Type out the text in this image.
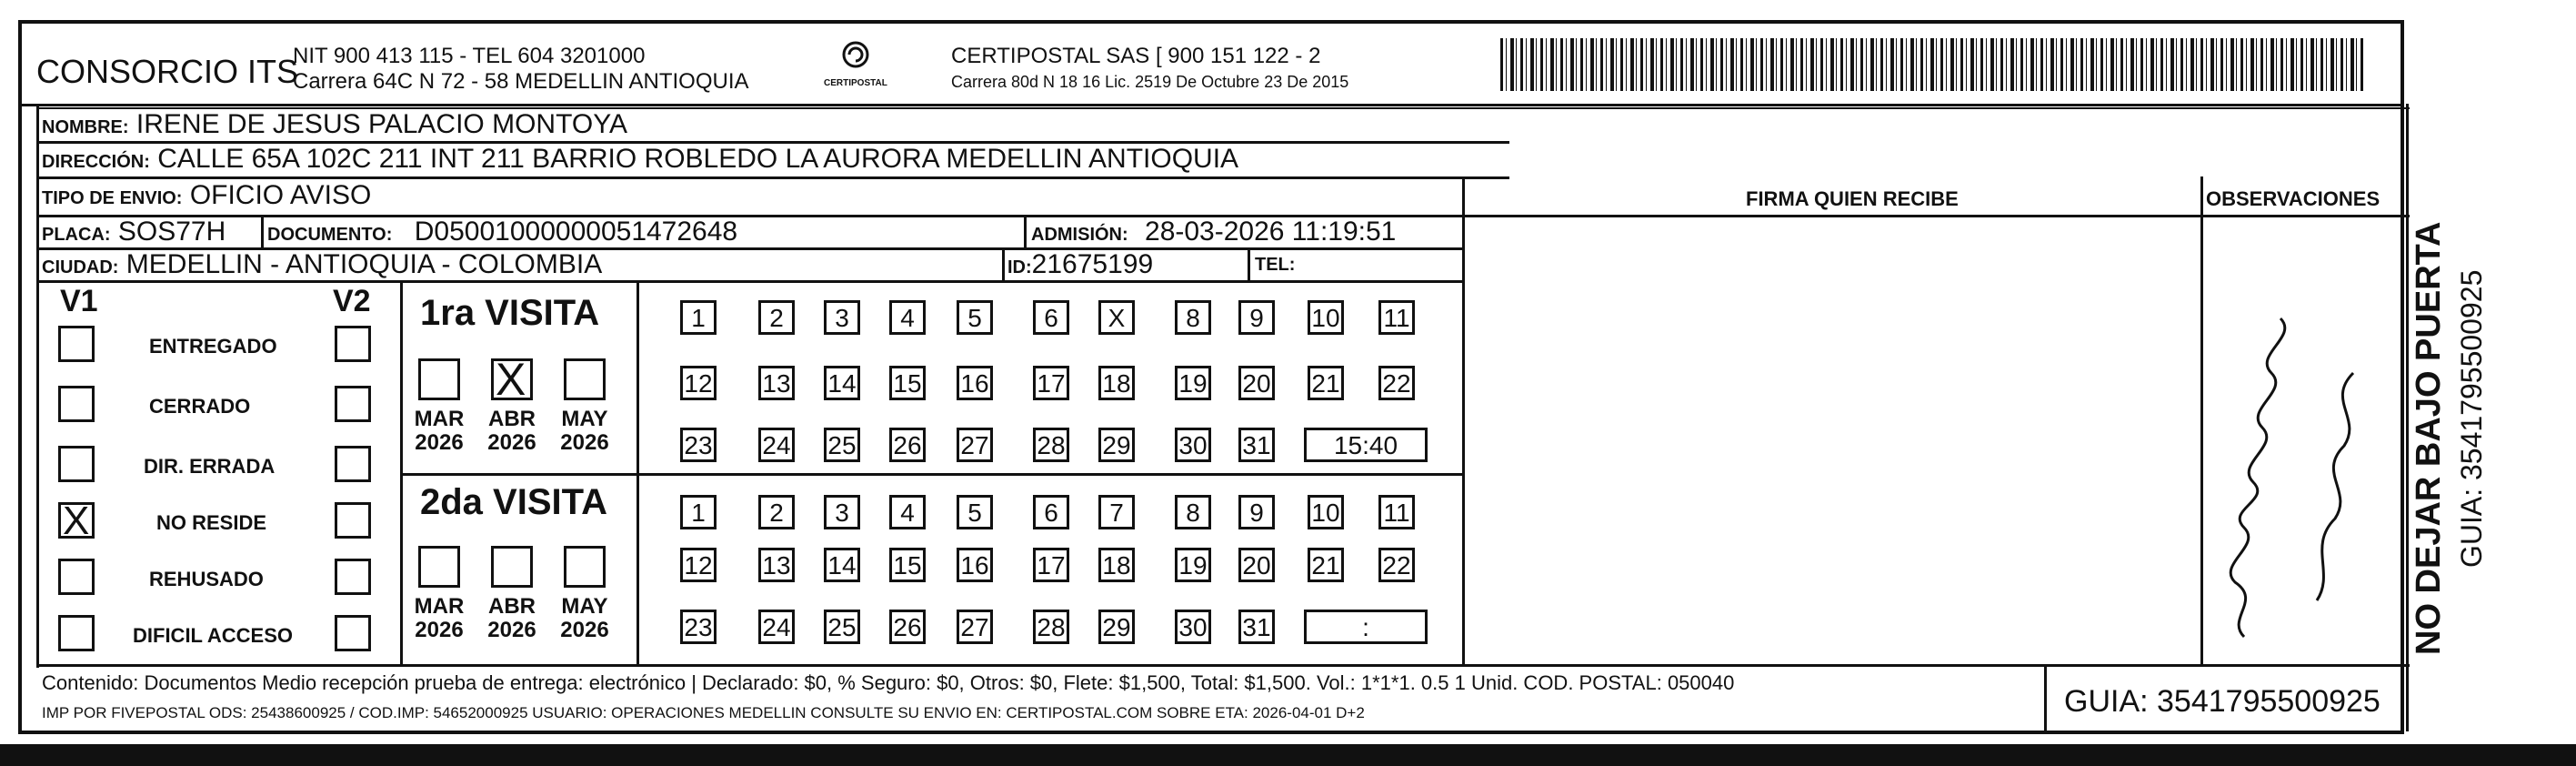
CONSORCIO ITS
NIT 900 413 115 - TEL 604 3201000
Carrera 64C N 72 - 58 MEDELLIN ANTIOQUIA	CERTIPOSTAL
CERTIPOSTAL SAS [ 900 151 122 - 2
Carrera 80d N 18 16 Lic. 2519 De Octubre 23 De 2015
NOMBRE: IRENE DE JESUS PALACIO MONTOYA
DIRECCIÓN: CALLE 65A 102C 211 INT 211 BARRIO ROBLEDO LA AURORA MEDELLIN ANTIOQUIA
TIPO DE ENVIO: OFICIO AVISO	FIRMA QUIEN RECIBE	OBSERVACIONES
PLACA: SOS77H DOCUMENTO: D05001000000051472648	ADMISIÓN: 28-03-2026 11:19:51
CIUDAD: MEDELLIN - ANTIOQUIA - COLOMBIA	ID:21675199	TEL:
V1	V2
ENTREGADO
CERRADO
DIR. ERRADA
X	NO RESIDE
REHUSADO
DIFICIL ACCESO
1ra VISITA
2da VISITA
MAR
2026
X
ABR
2026
MAY
2026
MAR
2026
ABR
2026
MAY
2026
1	2	3	4	5	6	X	8	9	10 11
12 13 14 15 16 17 18 19 20 21 22
23 24 25 26 27 28 29 30 31	15:40
1	2	3	4	5	6	7	8	9	10 11
12 13 14 15 16 17 18 19 20 21 22
23 24 25 26 27 28 29 30 31	:	NO DEJAR BAJO PUERTA GUIA: 3541795500925
Contenido: Documentos Medio recepción prueba de entrega: electrónico | Declarado: $0, % Seguro: $0, Otros: $0, Flete: $1,500, Total: $1,500. Vol.: 1*1*1. 0.5 1 Unid. COD. POSTAL: 050040
IMP POR FIVEPOSTAL ODS: 25438600925 / COD.IMP: 54652000925 USUARIO: OPERACIONES MEDELLIN CONSULTE SU ENVIO EN: CERTIPOSTAL.COM SOBRE ETA: 2026-04-01 D+2	GUIA: 3541795500925
